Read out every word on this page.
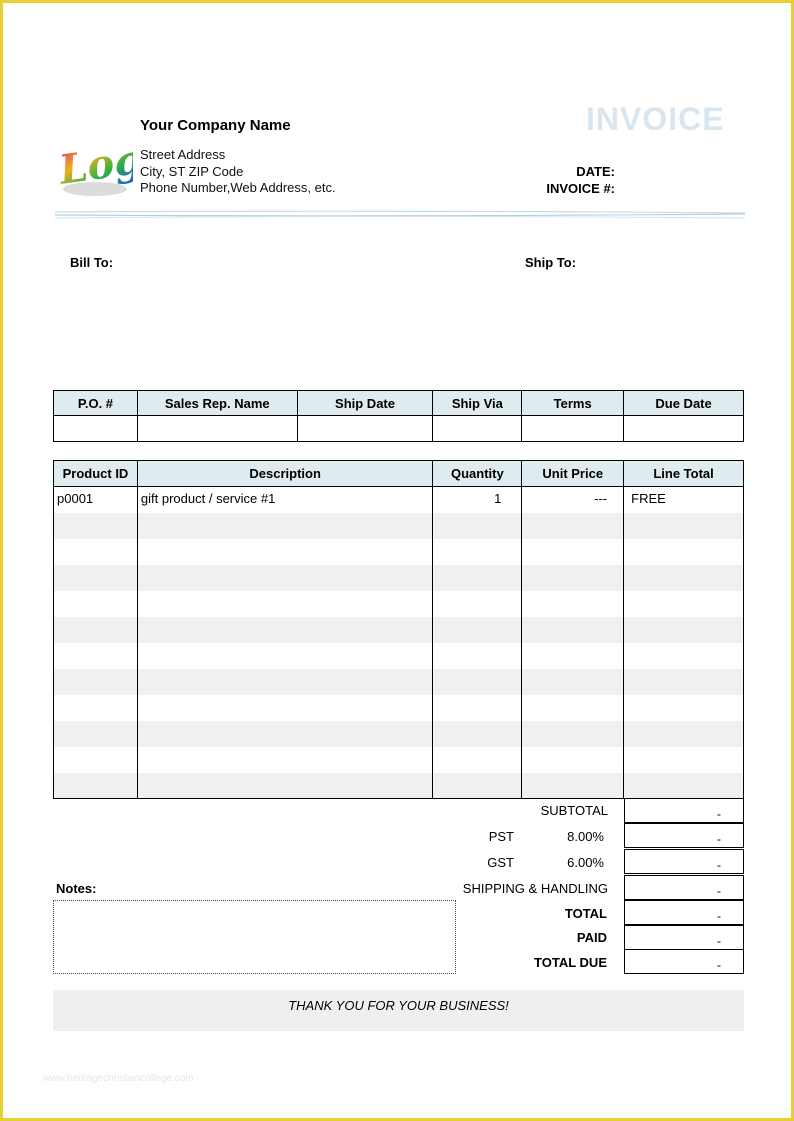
Logo
Your Company Name
Street Address
City, ST ZIP Code
Phone Number,Web Address, etc.
INVOICE
DATE:
INVOICE #:
Bill To:	Ship To:
P.O. #	Sales Rep. Name	Ship Date	Ship Via	Terms	Due Date

Product ID	Description	Quantity	Unit Price	Line Total
p0001	gift product / service #1	1	---	FREE

SUBTOTAL	-
PST	8.00%	-
GST	6.00%	-
SHIPPING & HANDLING	-
TOTAL	-
PAID	-
TOTAL DUE	-
Notes:
THANK YOU FOR YOUR BUSINESS!
www.heritagechristiancollege.com
